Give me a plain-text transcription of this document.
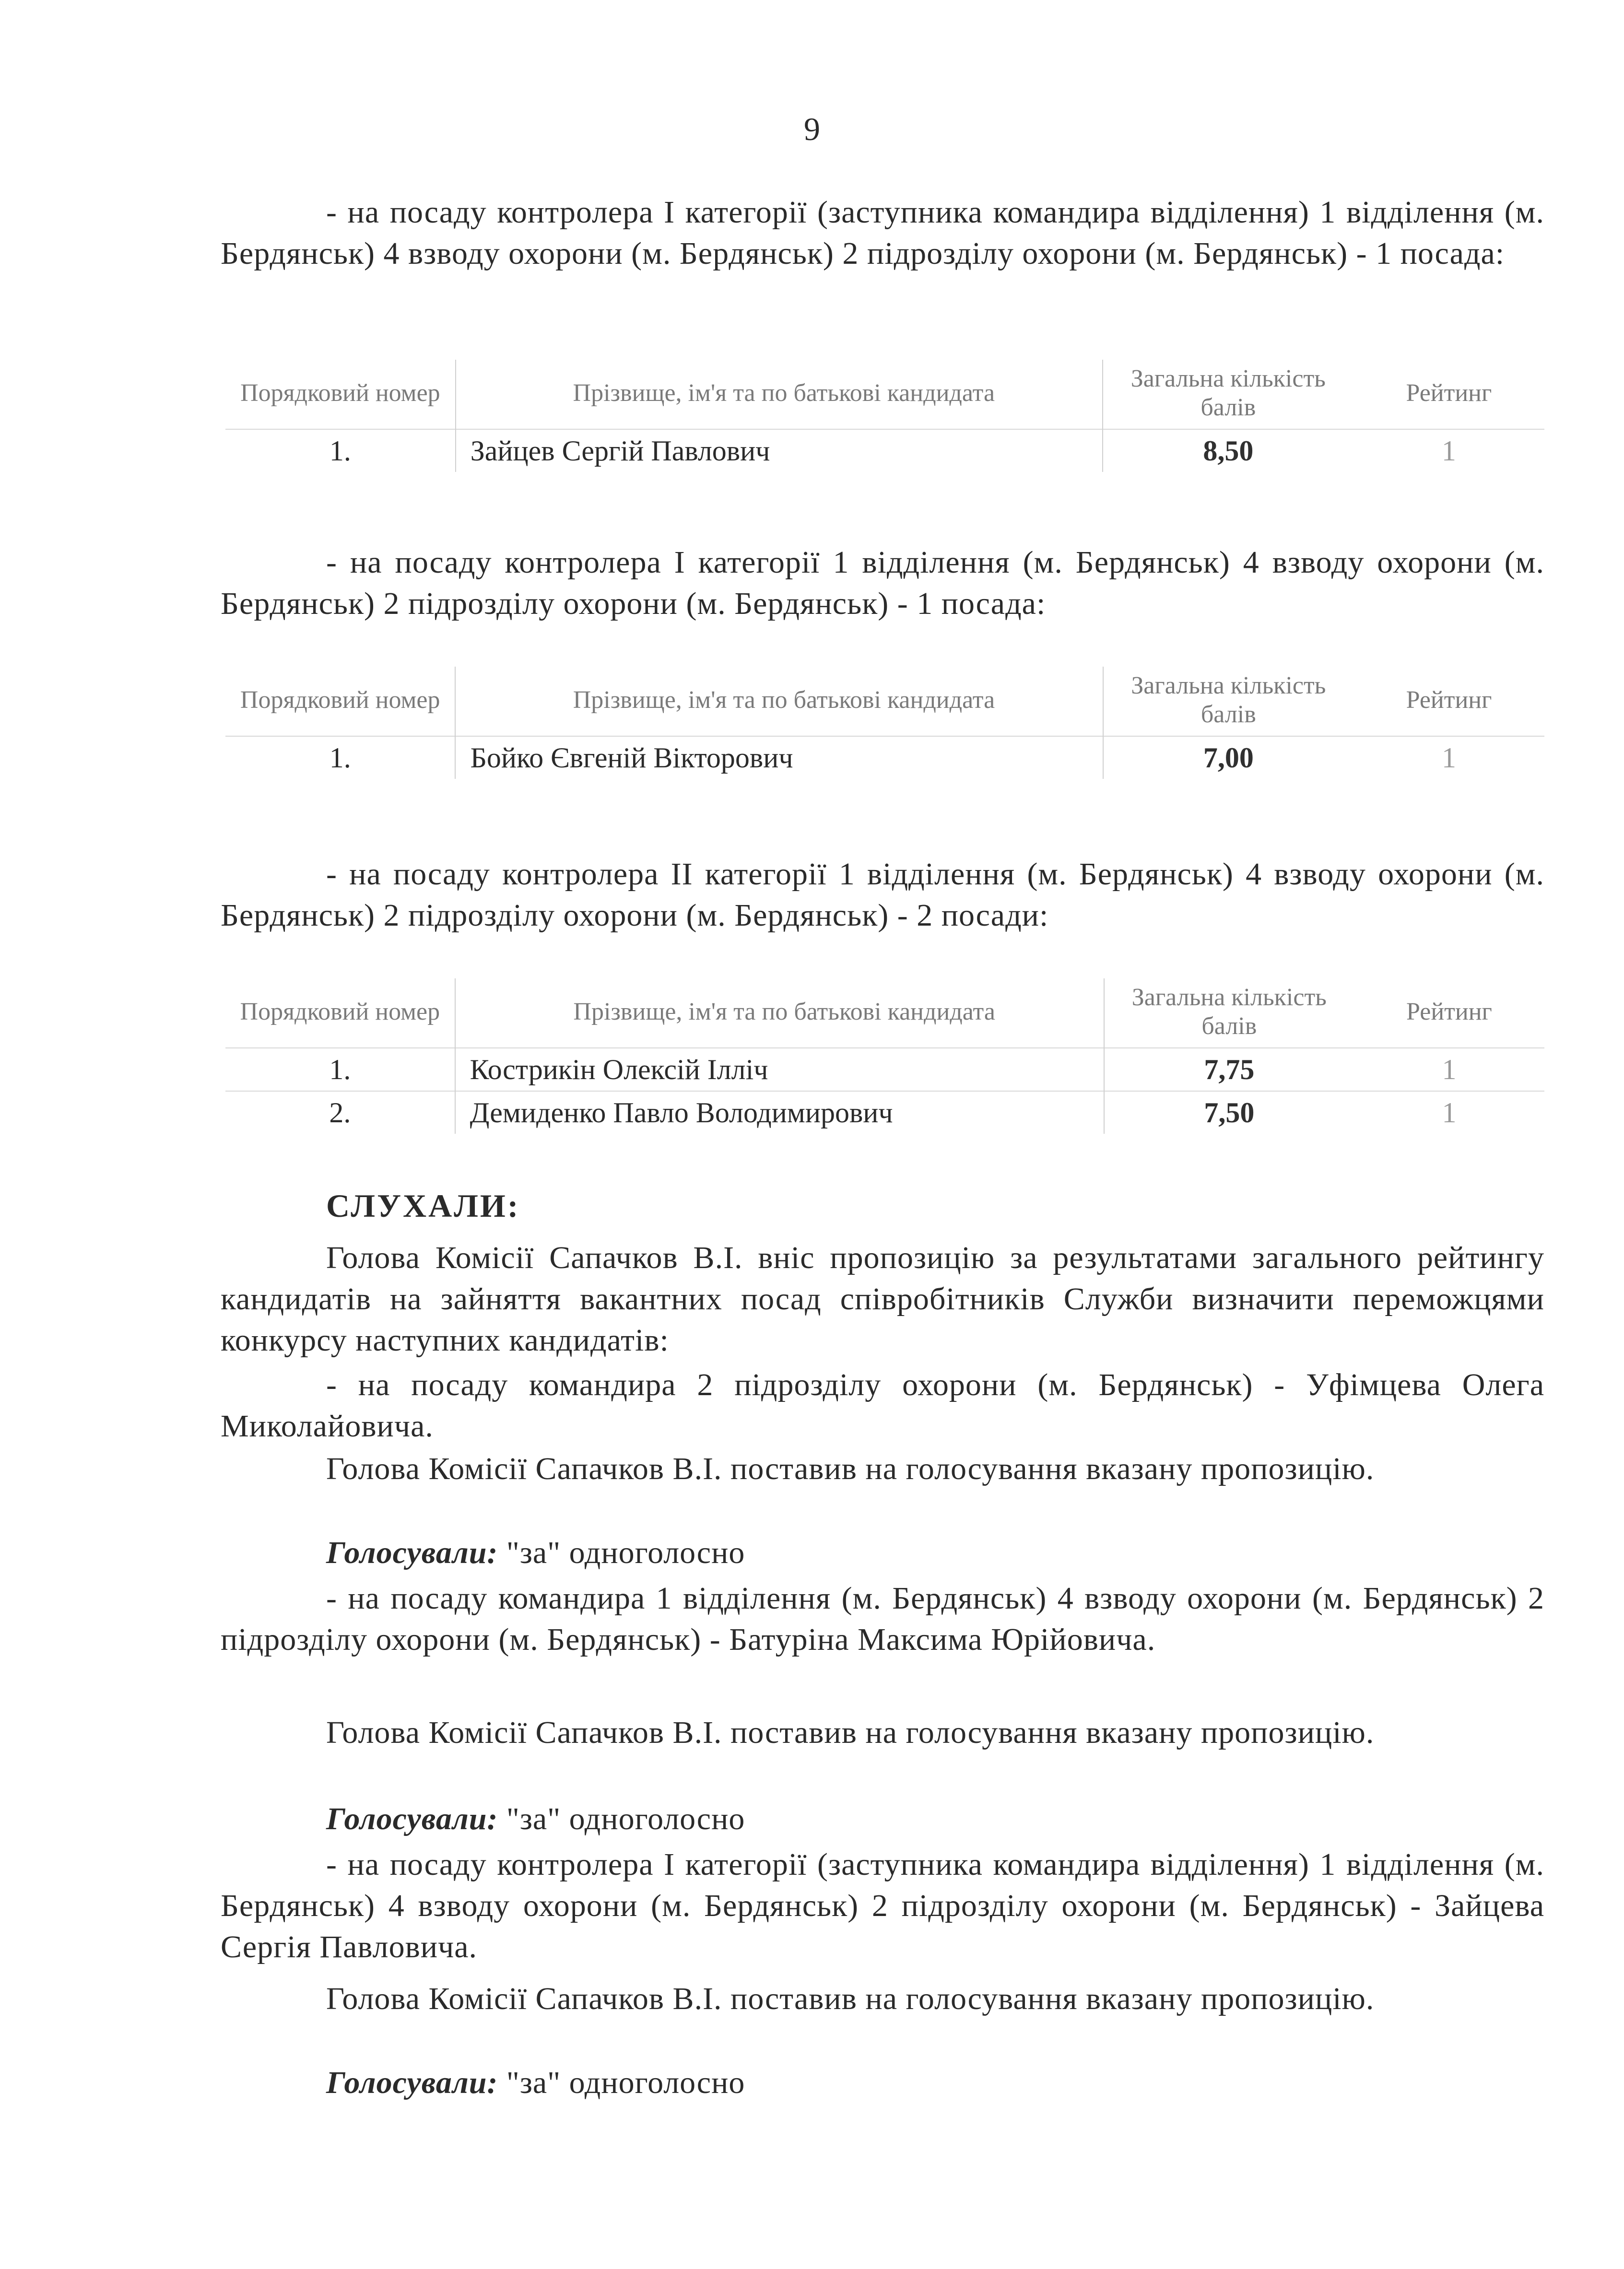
9
- на посаду контролера І категорії (заступника командира відділення) 1 відділення (м. Бердянськ) 4 взводу охорони (м. Бердянськ) 2 підрозділу охорони (м. Бердянськ) - 1 посада:
Порядковий номер	Прізвище, ім'я та по батькові кандидата	Загальна кількість балів	Рейтинг
1.	Зайцев Сергій Павлович	8,50	1
- на посаду контролера І категорії 1 відділення (м. Бердянськ) 4 взводу охорони (м. Бердянськ) 2 підрозділу охорони (м. Бердянськ) - 1 посада:
Порядковий номер	Прізвище, ім'я та по батькові кандидата	Загальна кількість балів	Рейтинг
1.	Бойко Євгеній Вікторович	7,00	1
- на посаду контролера ІІ категорії 1 відділення (м. Бердянськ) 4 взводу охорони (м. Бердянськ) 2 підрозділу охорони (м. Бердянськ) - 2 посади:
Порядковий номер	Прізвище, ім'я та по батькові кандидата	Загальна кількість балів	Рейтинг
1.	Кострикін Олексій Ілліч	7,75	1
2.	Демиденко Павло Володимирович	7,50	1
СЛУХАЛИ:
Голова Комісії Сапачков В.І. вніс пропозицію за результатами загального рейтингу кандидатів на зайняття вакантних посад співробітників Служби визначити переможцями конкурсу наступних кандидатів:
- на посаду командира 2 підрозділу охорони (м. Бердянськ) - Уфімцева Олега Миколайовича.
Голова Комісії Сапачков В.І. поставив на голосування вказану пропозицію.
Голосували: "за" одноголосно
- на посаду командира 1 відділення (м. Бердянськ) 4 взводу охорони (м. Бердянськ) 2 підрозділу охорони (м. Бердянськ) - Батуріна Максима Юрійовича.
Голова Комісії Сапачков В.І. поставив на голосування вказану пропозицію.
Голосували: "за" одноголосно
- на посаду контролера І категорії (заступника командира відділення) 1 відділення (м. Бердянськ) 4 взводу охорони (м. Бердянськ) 2 підрозділу охорони (м. Бердянськ) - Зайцева Сергія Павловича.
Голова Комісії Сапачков В.І. поставив на голосування вказану пропозицію.
Голосували: "за" одноголосно
